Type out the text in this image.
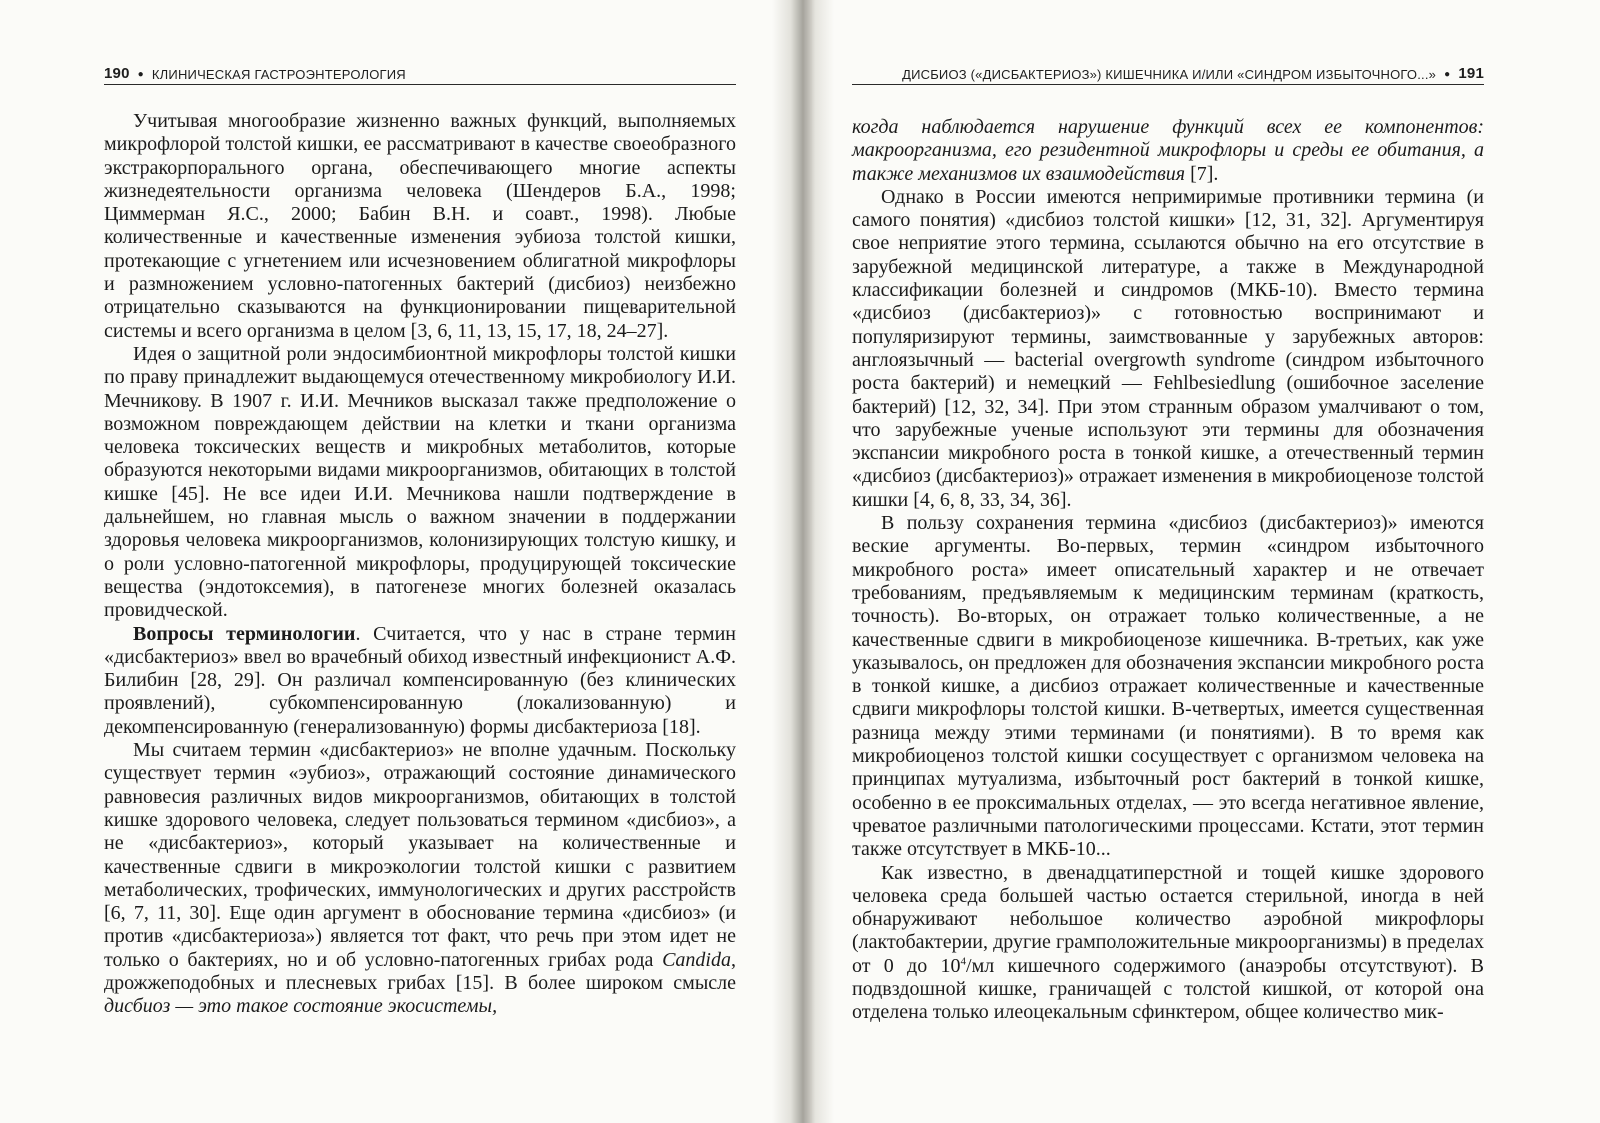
190 ● КЛИНИЧЕСКАЯ ГАСТРОЭНТЕРОЛОГИЯ	ДИСБИОЗ («ДИСБАКТЕРИОЗ») КИШЕЧНИКА И/ИЛИ «СИНДРОМ ИЗБЫТОЧНОГО...» ● 191

Учитывая многообразие жизненно важных функций, выполняемых микрофлорой толстой кишки, ее рассматривают в качестве своеобразного экстракорпорального органа, обеспечивающего многие аспекты жизнедеятельности организма человека (Шендеров Б.А., 1998; Циммерман Я.С., 2000; Бабин В.Н. и соавт., 1998). Любые количественные и качественные изменения эубиоза толстой кишки, протекающие с угнетением или исчезновением облигатной микрофлоры и размножением условно-патогенных бактерий (дисбиоз) неизбежно отрицательно сказываются на функционировании пищеварительной системы и всего организма в целом [3, 6, 11, 13, 15, 17, 18, 24–27].

Идея о защитной роли эндосимбионтной микрофлоры толстой кишки по праву принадлежит выдающемуся отечественному микробиологу И.И. Мечникову. В 1907 г. И.И. Мечников высказал также предположение о возможном повреждающем действии на клетки и ткани организма человека токсических веществ и микробных метаболитов, которые образуются некоторыми видами микроорганизмов, обитающих в толстой кишке [45]. Не все идеи И.И. Мечникова нашли подтверждение в дальнейшем, но главная мысль о важном значении в поддержании здоровья человека микроорганизмов, колонизирующих толстую кишку, и о роли условно-патогенной микрофлоры, продуцирующей токсические вещества (эндотоксемия), в патогенезе многих болезней оказалась провидческой.

Вопросы терминологии. Считается, что у нас в стране термин «дисбактериоз» ввел во врачебный обиход известный инфекционист А.Ф. Билибин [28, 29]. Он различал компенсированную (без клинических проявлений), субкомпенсированную (локализованную) и декомпенсированную (генерализованную) формы дисбактериоза [18].

Мы считаем термин «дисбактериоз» не вполне удачным. Поскольку существует термин «эубиоз», отражающий состояние динамического равновесия различных видов микроорганизмов, обитающих в толстой кишке здорового человека, следует пользоваться термином «дисбиоз», а не «дисбактериоз», который указывает на количественные и качественные сдвиги в микроэкологии толстой кишки с развитием метаболических, трофических, иммунологических и других расстройств [6, 7, 11, 30]. Еще один аргумент в обоснование термина «дисбиоз» (и против «дисбактериоза») является тот факт, что речь при этом идет не только о бактериях, но и об условно-патогенных грибах рода Candida, дрожжеподобных и плесневых грибах [15]. В более широком смысле дисбиоз — это такое состояние экосистемы,

когда наблюдается нарушение функций всех ее компонентов: макроорганизма, его резидентной микрофлоры и среды ее обитания, а также механизмов их взаимодействия [7].

Однако в России имеются непримиримые противники термина (и самого понятия) «дисбиоз толстой кишки» [12, 31, 32]. Аргументируя свое неприятие этого термина, ссылаются обычно на его отсутствие в зарубежной медицинской литературе, а также в Международной классификации болезней и синдромов (МКБ-10). Вместо термина «дисбиоз (дисбактериоз)» с готовностью воспринимают и популяризируют термины, заимствованные у зарубежных авторов: англоязычный — bacterial overgrowth syndrome (синдром избыточного роста бактерий) и немецкий — Fehlbesiedlung (ошибочное заселение бактерий) [12, 32, 34]. При этом странным образом умалчивают о том, что зарубежные ученые используют эти термины для обозначения экспансии микробного роста в тонкой кишке, а отечественный термин «дисбиоз (дисбактериоз)» отражает изменения в микробиоценозе толстой кишки [4, 6, 8, 33, 34, 36].

В пользу сохранения термина «дисбиоз (дисбактериоз)» имеются веские аргументы. Во-первых, термин «синдром избыточного микробного роста» имеет описательный характер и не отвечает требованиям, предъявляемым к медицинским терминам (краткость, точность). Во-вторых, он отражает только количественные, а не качественные сдвиги в микробиоценозе кишечника. В-третьих, как уже указывалось, он предложен для обозначения экспансии микробного роста в тонкой кишке, а дисбиоз отражает количественные и качественные сдвиги микрофлоры толстой кишки. В-четвертых, имеется существенная разница между этими терминами (и понятиями). В то время как микробиоценоз толстой кишки сосуществует с организмом человека на принципах мутуализма, избыточный рост бактерий в тонкой кишке, особенно в ее проксимальных отделах, — это всегда негативное явление, чреватое различными патологическими процессами. Кстати, этот термин также отсутствует в МКБ-10...

Как известно, в двенадцатиперстной и тощей кишке здорового человека среда большей частью остается стерильной, иногда в ней обнаруживают небольшое количество аэробной микрофлоры (лактобактерии, другие грамположительные микроорганизмы) в пределах от 0 до $10^4/мл$ кишечного содержимого (анаэробы отсутствуют). В подвздошной кишке, граничащей с толстой кишкой, от которой она отделена только илеоцекальным сфинктером, общее количество мик-
